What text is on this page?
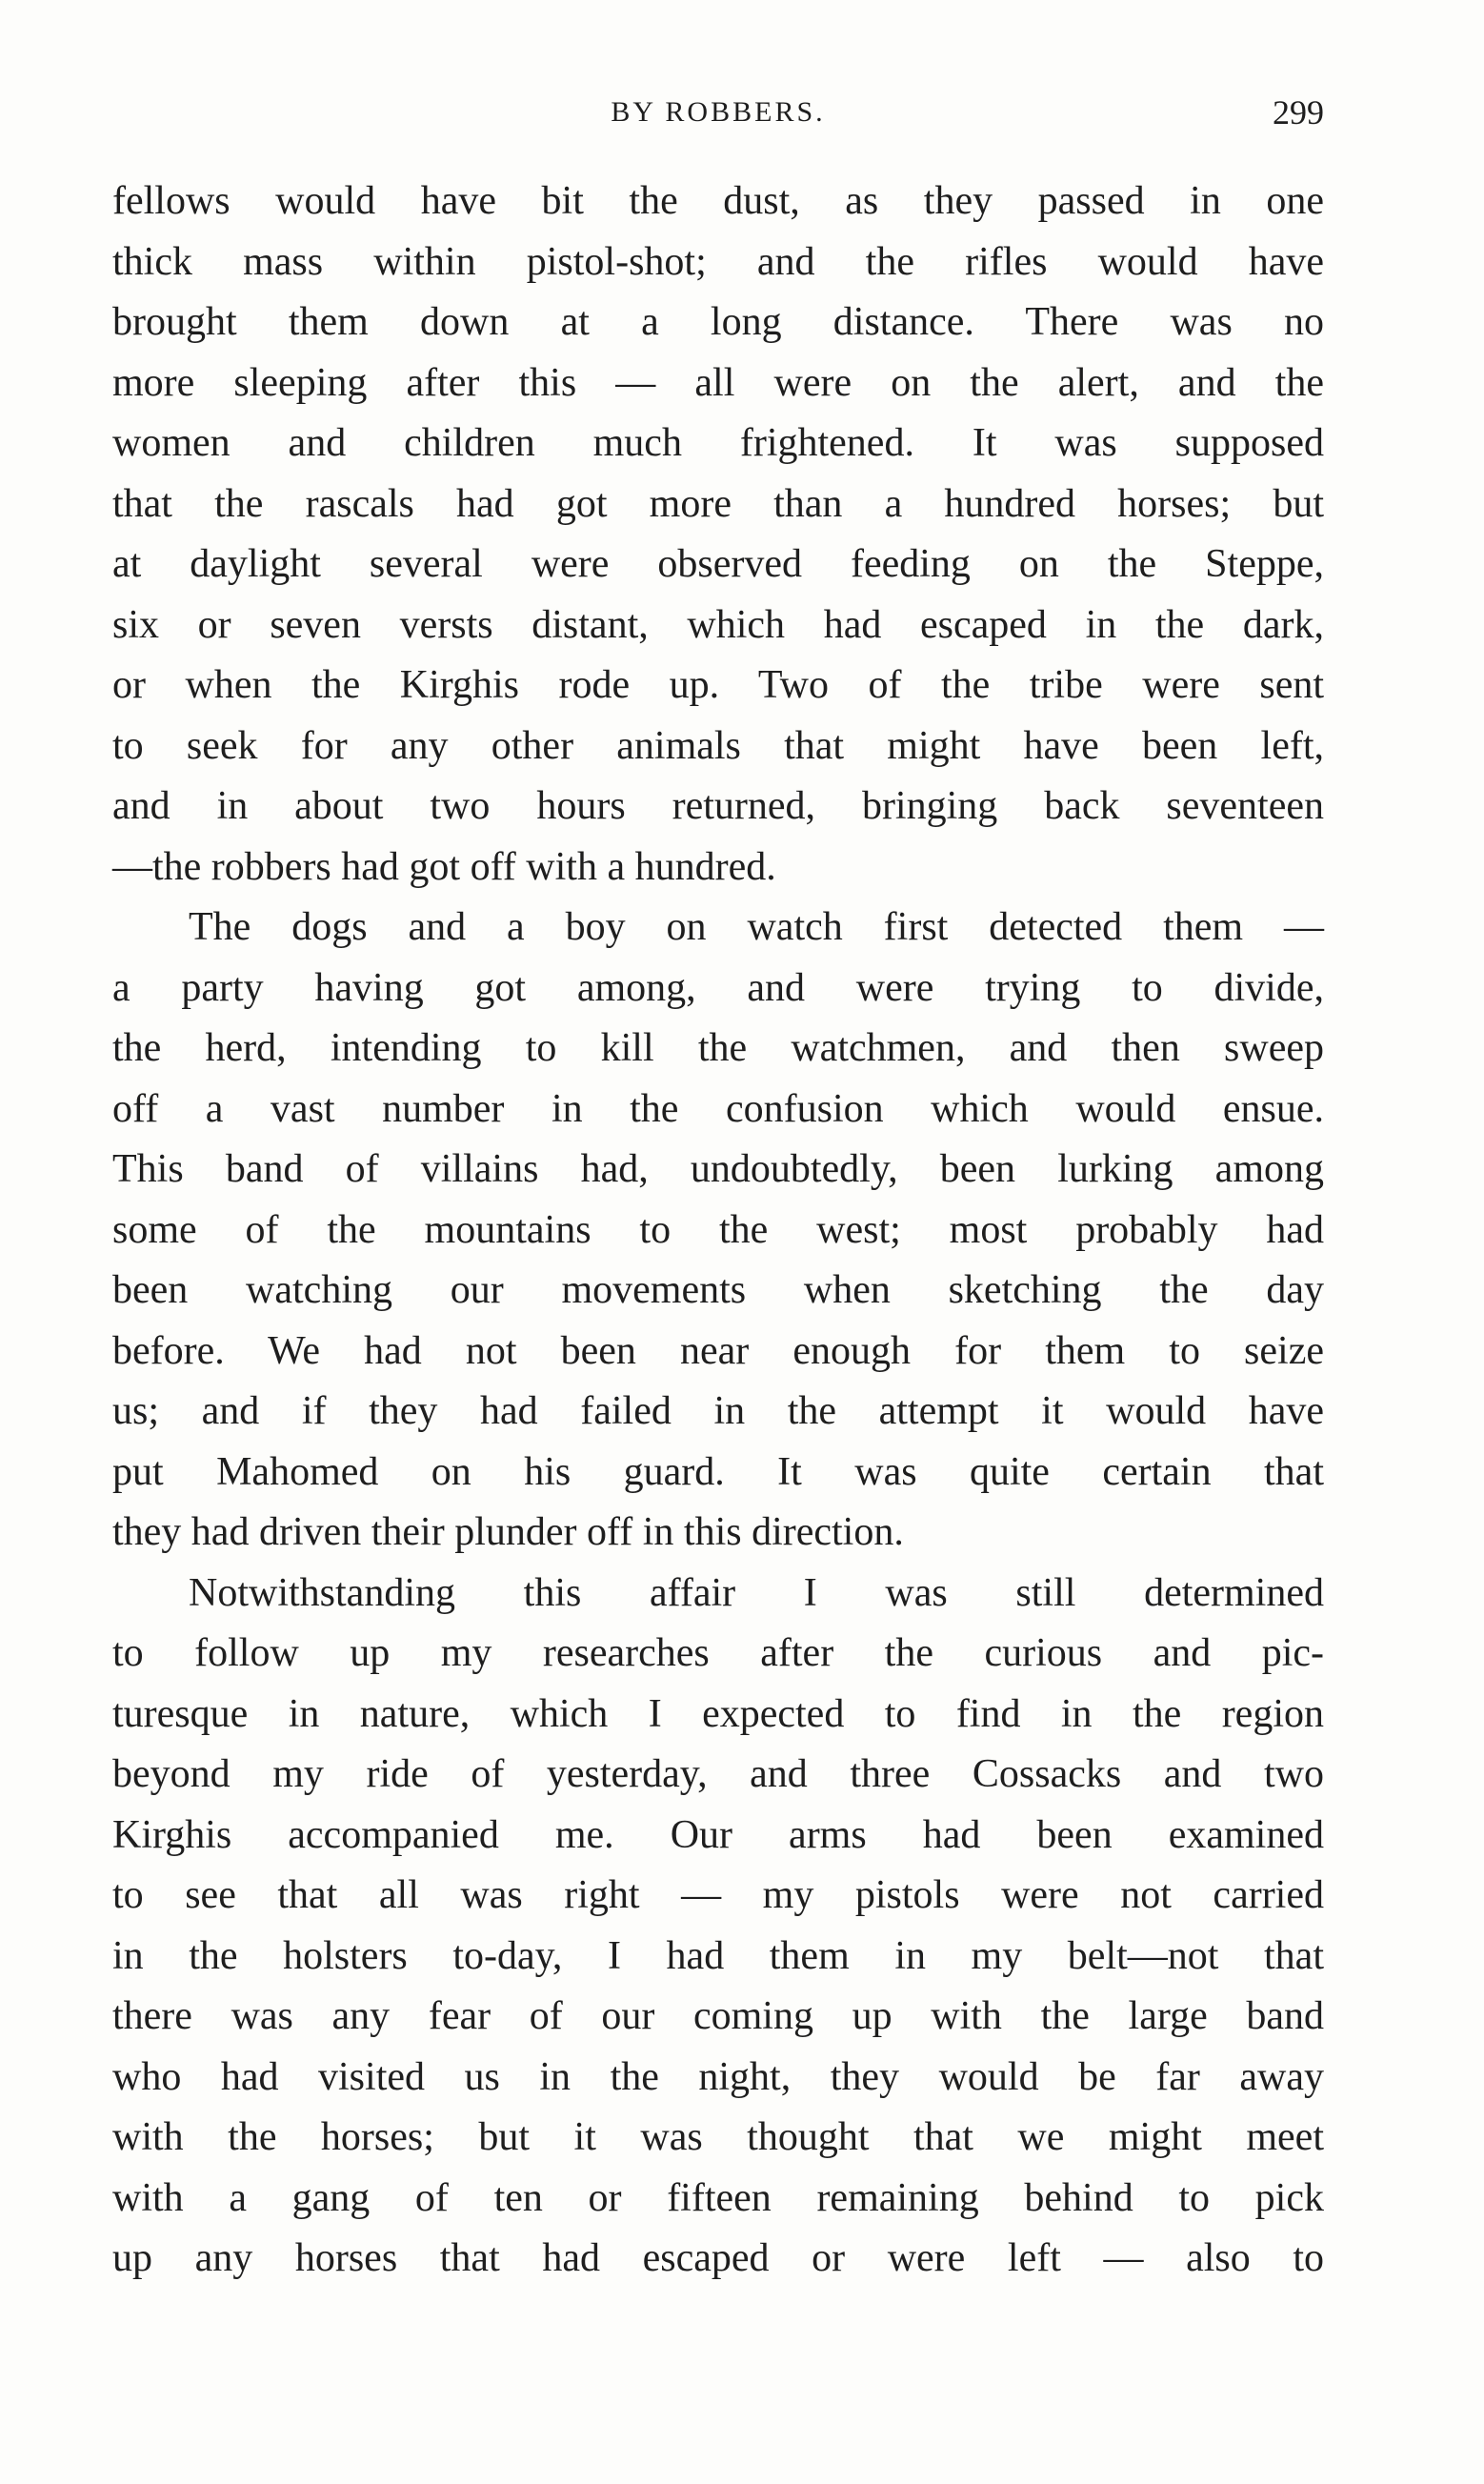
BY ROBBERS.	299
fellows would have bit the dust, as they passed in one
thick mass within pistol-shot; and the rifles would have
brought them down at a long distance. There was no
more sleeping after this — all were on the alert, and the
women and children much frightened. It was supposed
that the rascals had got more than a hundred horses; but
at daylight several were observed feeding on the Steppe,
six or seven versts distant, which had escaped in the dark,
or when the Kirghis rode up. Two of the tribe were sent
to seek for any other animals that might have been left,
and in about two hours returned, bringing back seventeen
—the robbers had got off with a hundred.
The dogs and a boy on watch first detected them —
a party having got among, and were trying to divide,
the herd, intending to kill the watchmen, and then sweep
off a vast number in the confusion which would ensue.
This band of villains had, undoubtedly, been lurking among
some of the mountains to the west; most probably had
been watching our movements when sketching the day
before. We had not been near enough for them to seize
us; and if they had failed in the attempt it would have
put Mahomed on his guard. It was quite certain that
they had driven their plunder off in this direction.
Notwithstanding this affair I was still determined
to follow up my researches after the curious and pic-
turesque in nature, which I expected to find in the region
beyond my ride of yesterday, and three Cossacks and two
Kirghis accompanied me. Our arms had been examined
to see that all was right — my pistols were not carried
in the holsters to-day, I had them in my belt—not that
there was any fear of our coming up with the large band
who had visited us in the night, they would be far away
with the horses; but it was thought that we might meet
with a gang of ten or fifteen remaining behind to pick
up any horses that had escaped or were left — also to
